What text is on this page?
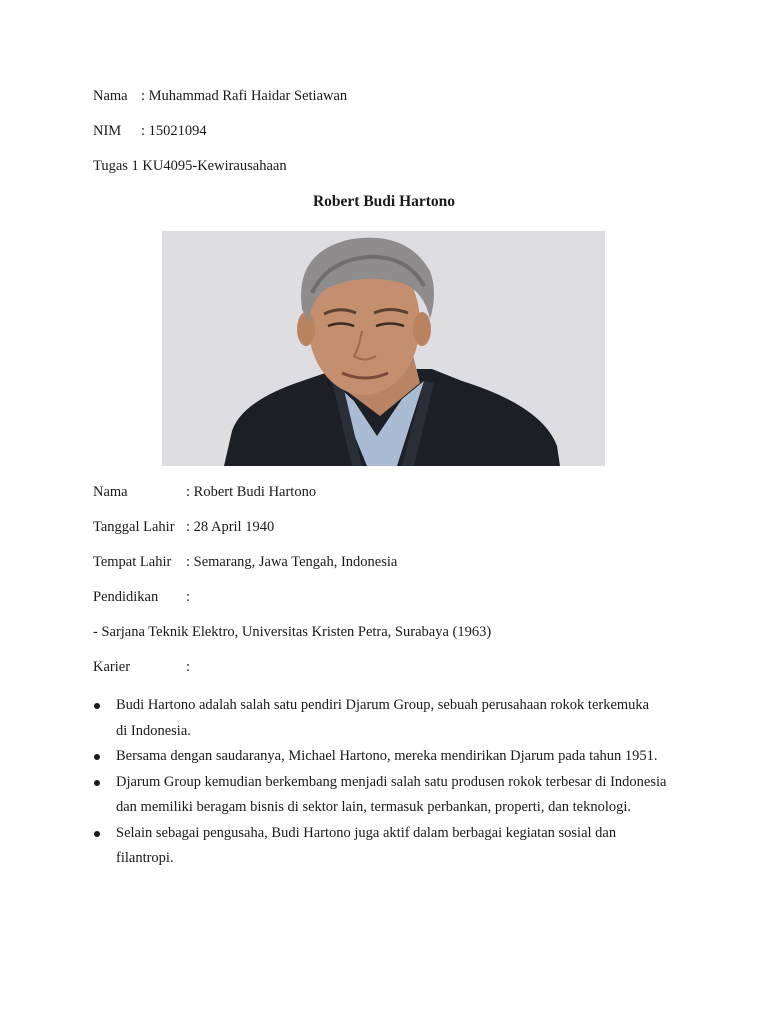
Nama : Muhammad Rafi Haidar Setiawan
NIM : 15021094
Tugas 1 KU4095-Kewirausahaan
Robert Budi Hartono
Nama	: Robert Budi Hartono
Tanggal Lahir : 28 April 1940
Tempat Lahir : Semarang, Jawa Tengah, Indonesia
Pendidikan :
- Sarjana Teknik Elektro, Universitas Kristen Petra, Surabaya (1963)
Karier	:
Budi Hartono adalah salah satu pendiri Djarum Group, sebuah perusahaan rokok terkemuka di Indonesia.
Bersama dengan saudaranya, Michael Hartono, mereka mendirikan Djarum pada tahun 1951.
Djarum Group kemudian berkembang menjadi salah satu produsen rokok terbesar di Indonesia dan memiliki beragam bisnis di sektor lain, termasuk perbankan, properti, dan teknologi.
Selain sebagai pengusaha, Budi Hartono juga aktif dalam berbagai kegiatan sosial dan filantropi.
